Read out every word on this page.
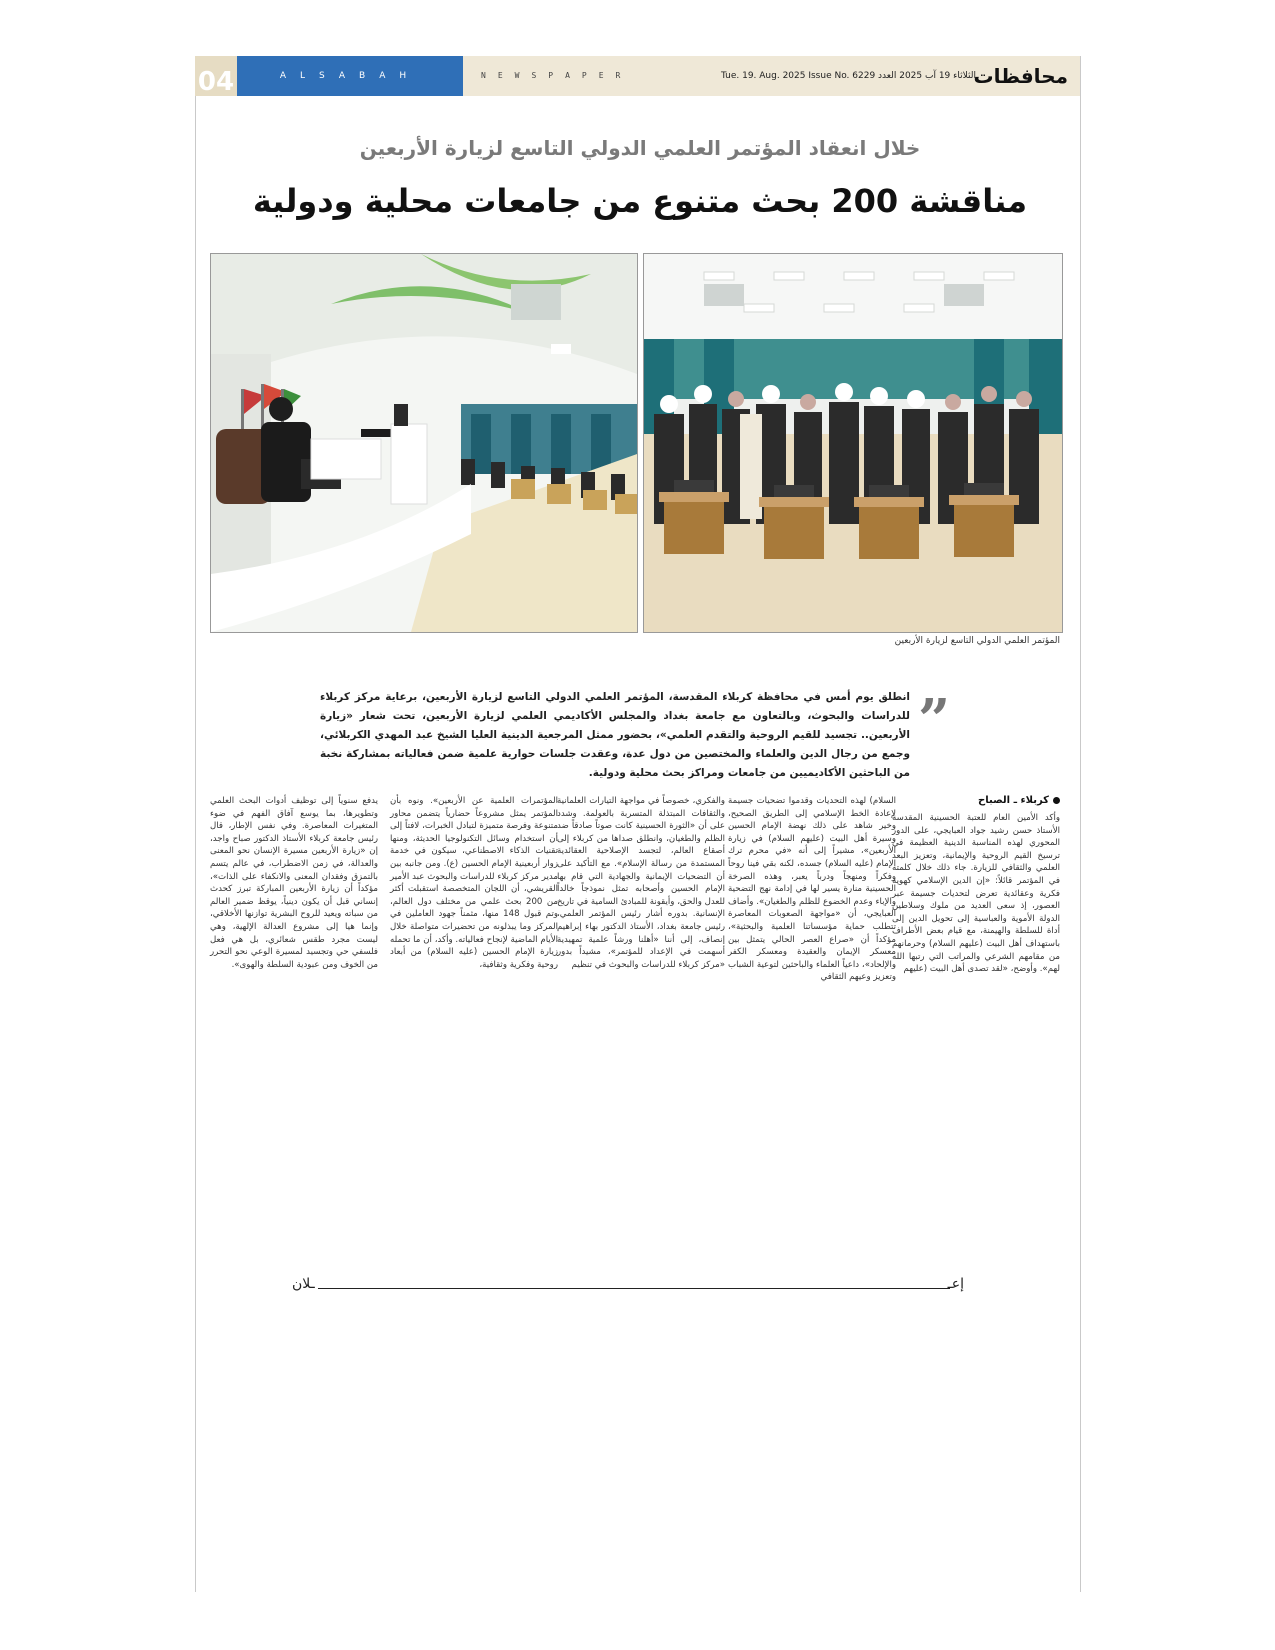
04	ALSABAH	NEWSPAPER	Tue. 19. Aug. 2025 Issue No. 6229 الثلاثاء 19 آب 2025 العدد
محافظات
خلال انعقاد المؤتمر العلمي الدولي التاسع لزيارة الأربعين
مناقشة 200 بحث متنوع من جامعات محلية ودولية
المؤتمر العلمي الدولي التاسع لزيارة الأربعين
”
انطلق يوم أمس في محافظة كربلاء المقدسة، المؤتمر العلمي الدولي التاسع لزيارة الأربعين، برعاية مركز كربلاء للدراسات والبحوث، وبالتعاون مع جامعة بغداد والمجلس الأكاديمي العلمي لزيارة الأربعين، تحت شعار «زيارة الأربعين.. تجسيد للقيم الروحية والتقدم العلمي»، بحضور ممثل المرجعية الدينية العليا الشيخ عبد المهدي الكربلائي، وجمع من رجال الدين والعلماء والمختصين من دول عدة، وعقدت جلسات حوارية علمية ضمن فعالياته بمشاركة نخبة من الباحثين الأكاديميين من جامعات ومراكز بحث محلية ودولية.
كربلاء ـ الصباح

وأكد الأمين العام للعتبة الحسينية المقدسة الأستاذ حسن رشيد جواد العبايجي، على الدور المحوري لهذه المناسبة الدينية العظيمة في ترسيخ القيم الروحية والإيمانية، وتعزيز البعد العلمي والثقافي للزيارة. جاء ذلك خلال كلمته في المؤتمر قائلاً: «إن الدين الإسلامي كهوية فكرية وعقائدية تعرض لتحديات جسيمة عبر العصور، إذ سعى العديد من ملوك وسلاطين الدولة الأموية والعباسية إلى تحويل الدين إلى أداة للسلطة والهيمنة، مع قيام بعض الأطراف باستهداف أهل البيت (عليهم السلام) وحرمانهم من مقامهم الشرعي والمراتب التي رتبها الله لهم». وأوضح، «لقد تصدى أهل البيت (عليهم

السلام) لهذه التحديات وقدموا تضحيات جسيمة لإعادة الخط الإسلامي إلى الطريق الصحيح، وخير شاهد على ذلك نهضة الإمام الحسين وسيرة أهل البيت (عليهم السلام) في زيارة الأربعين»، مشيراً إلى أنه «في محرم ترك الإمام (عليه السلام) جسده، لكنه بقي فينا روحاً وفكراً ومنهجاً ودرباً يعبر، وهذه الصرخة الحسينية منارة يسير لها في إدامة نهج التضحية والإباء وعدم الخضوع للظلم والطغيان». وأضاف العبايجي، أن «مواجهة الصعوبات المعاصرة تتطلب حماية مؤسساتنا العلمية والبحثية»، مؤكداً أن «صراع العصر الحالي يتمثل بين معسكر الإيمان والعقيدة ومعسكر الكفر والإلحاد»، داعياً العلماء والباحثين لتوعية الشباب وتعزيز وعيهم الثقافي

والفكري، خصوصاً في مواجهة التيارات العلمانية والثقافات المبتذلة المتسربة بالعولمة. وشدد على أن «الثورة الحسينية كانت صوتاً صادقاً ضد الظلم والطغيان، وانطلق صداها من كربلاء إلى أصقاع العالم، لتجسد الإصلاحية العقائدية المستمدة من رسالة الإسلام». مع التأكيد على أن التضحيات الإيمانية والجهادية التي قام بها الإمام الحسين وأصحابه تمثل نموذجاً خالداً للعدل والحق، وأيقونة للمبادئ السامية في تاريخ الإنسانية. بدوره أشار رئيس المؤتمر العلمي، رئيس جامعة بغداد، الأستاذ الدكتور بهاء إبراهيم إنصاف، إلى أننا «أهلنا ورشاً علمية تمهيدية أسهمت في الإعداد للمؤتمر»، مشيداً بدور «مركز كربلاء للدراسات والبحوث في تنظيم

المؤتمرات العلمية عن الأربعين». ونوه بأن المؤتمر يمثل مشروعاً حضارياً يتضمن محاور متنوعة وفرصة متميزة لتبادل الخبرات، لافتاً إلى أن استخدام وسائل التكنولوجيا الحديثة، ومنها تقنيات الذكاء الاصطناعي، سيكون في خدمة زوار أربعينية الإمام الحسين (ع). ومن جانبه بين مدير مركز كربلاء للدراسات والبحوث عبد الأمير القريشي، أن اللجان المتخصصة استقبلت أكثر من 200 بحث علمي من مختلف دول العالم، وتم قبول 148 منها، مثمناً جهود العاملين في المركز وما يبذلونه من تحضيرات متواصلة خلال الأيام الماضية لإنجاح فعالياته. وأكد، أن ما تحمله زيارة الإمام الحسين (عليه السلام) من أبعاد روحية وفكرية وثقافية،

يدفع سنوياً إلى توظيف أدوات البحث العلمي وتطويرها، بما يوسع آفاق الفهم في ضوء المتغيرات المعاصرة. وفي نفس الإطار، قال رئيس جامعة كربلاء الأستاذ الدكتور صباح واجد، إن «زيارة الأربعين مسيرة الإنسان نحو المعنى والعدالة، في زمن الاضطراب، في عالم يتسم بالتمزق وفقدان المعنى والانكفاء على الذات»، مؤكداً أن زيارة الأربعين المباركة تبرز كحدث إنساني قبل أن يكون دينياً، يوقظ ضمير العالم من سباته ويعيد للروح البشرية توازنها الأخلاقي، وإنما هيا إلى مشروع العدالة الإلهية، وهي ليست مجرد طقس شعائري، بل هي فعل فلسفي حي وتجسيد لمسيرة الوعي نحو التحرر من الخوف ومن عبودية السلطة والهوى».

إعـ
ـلان
